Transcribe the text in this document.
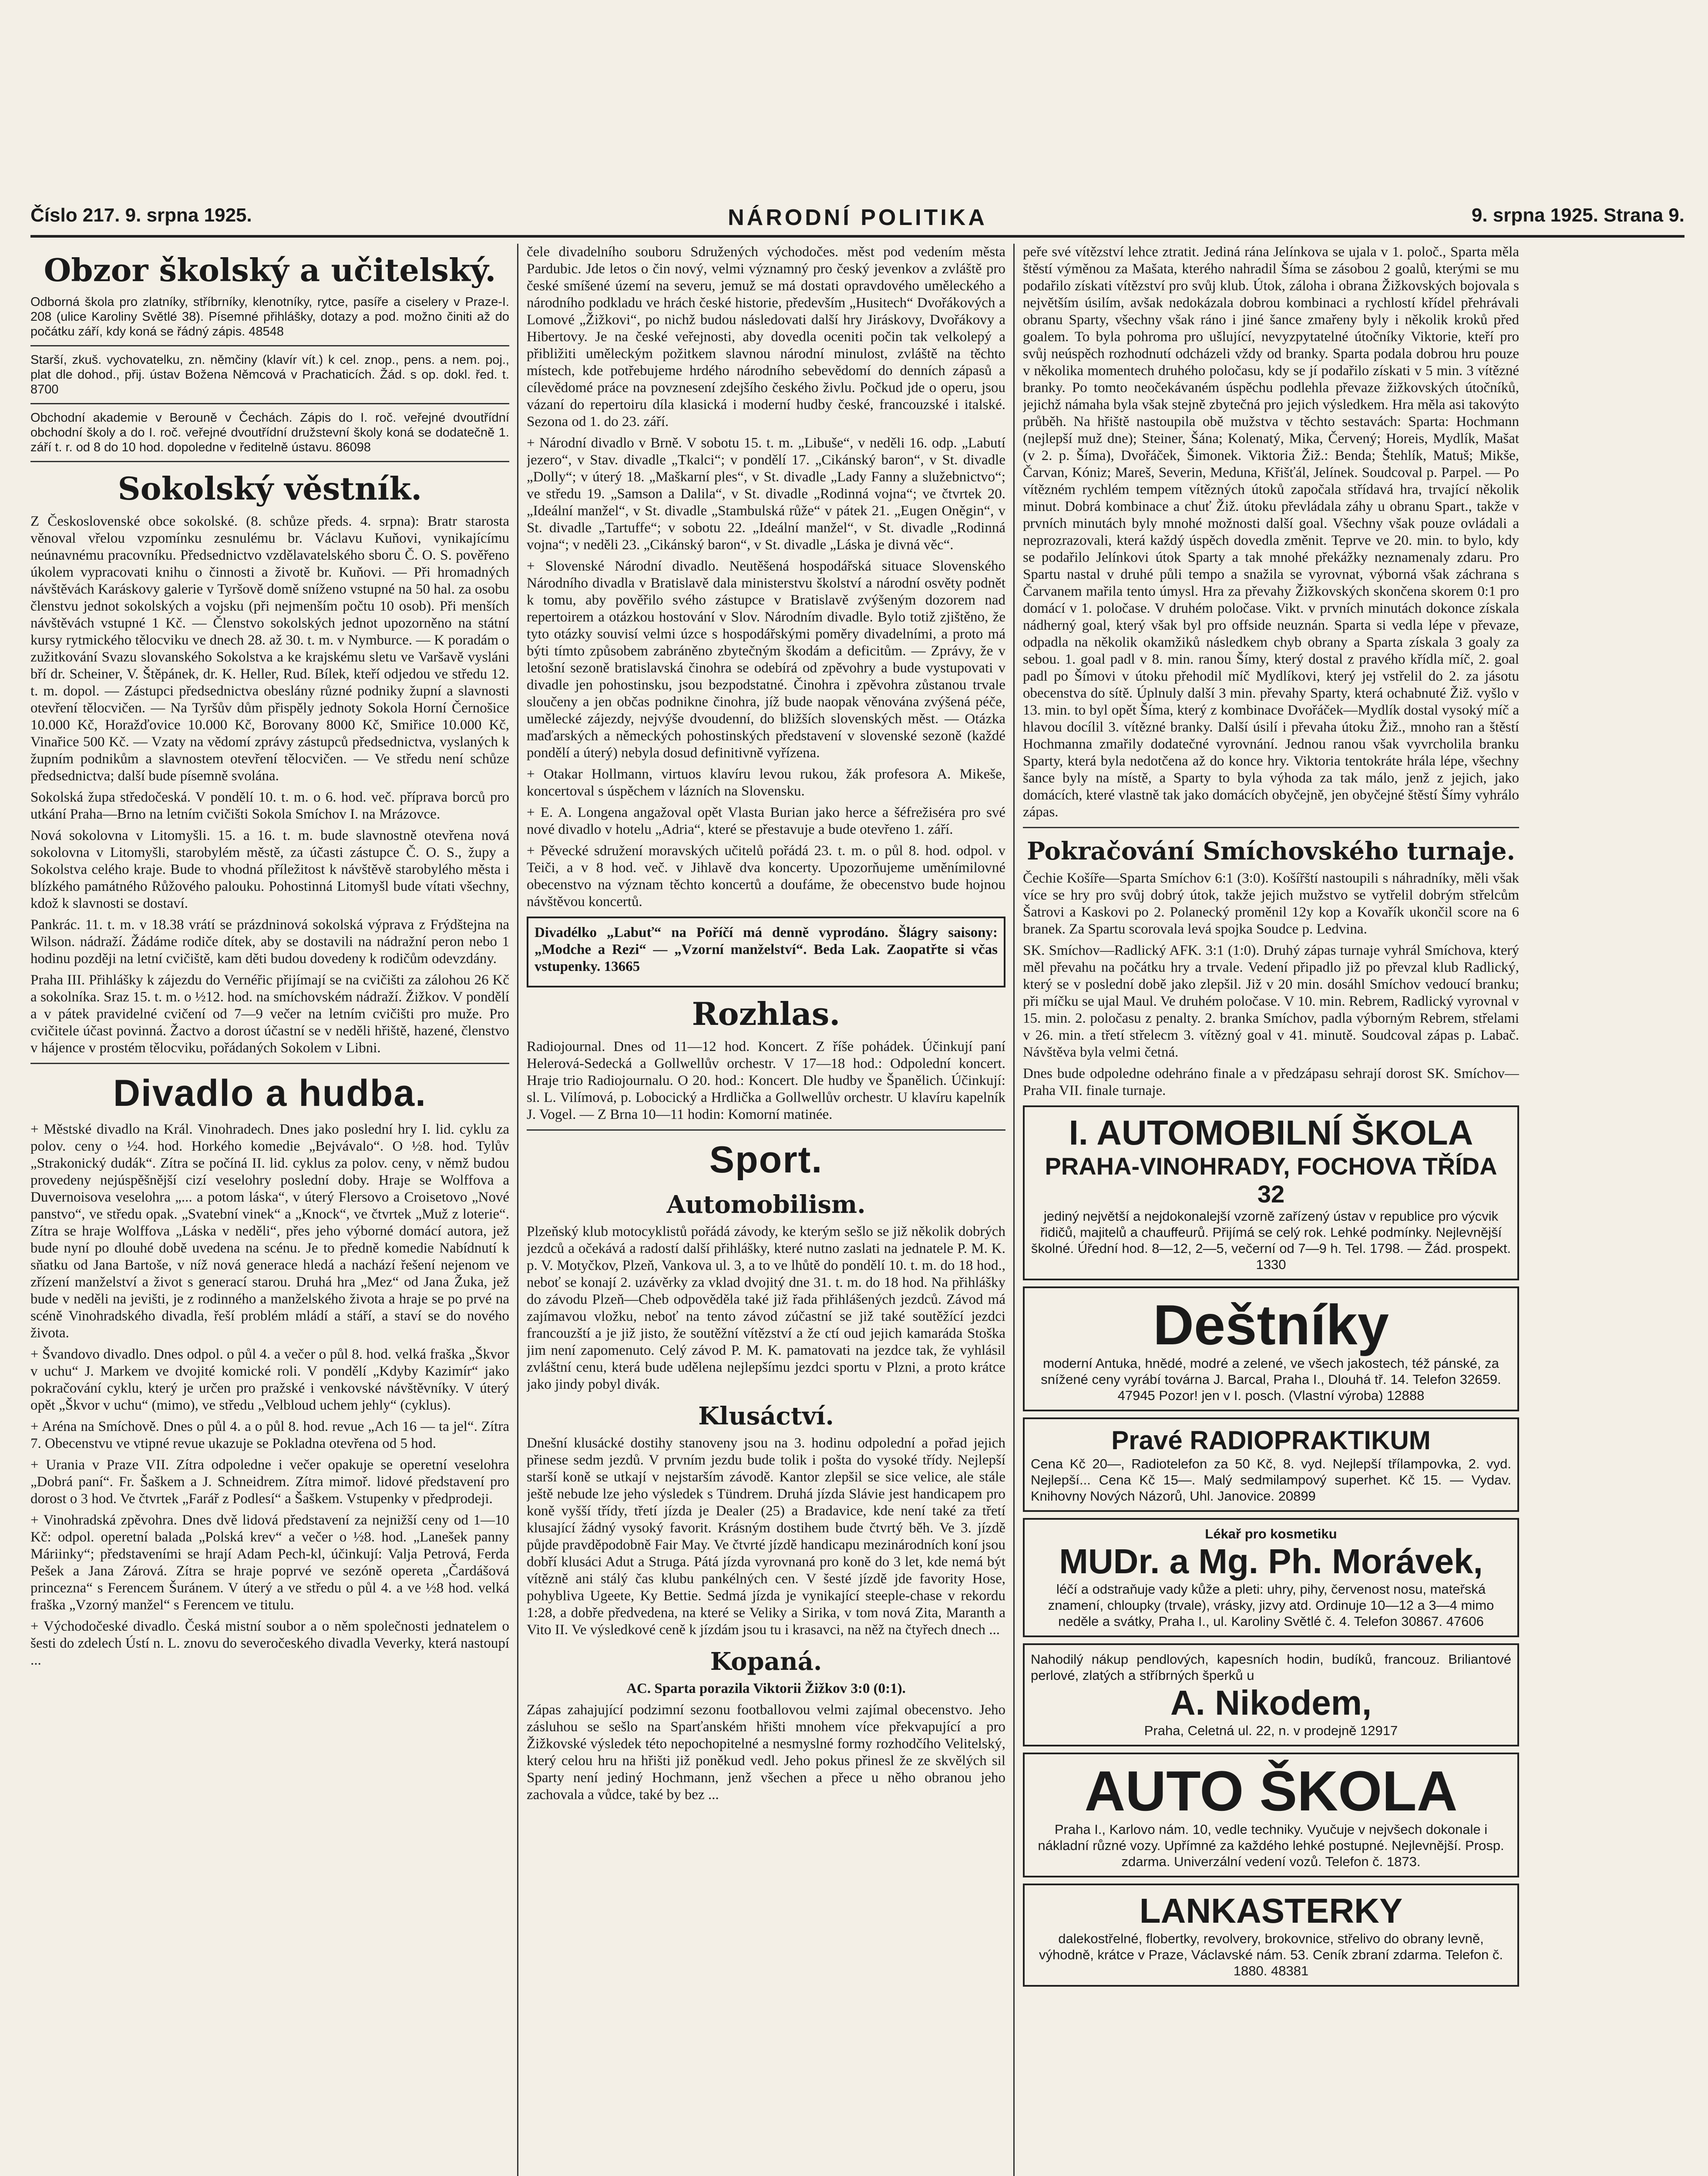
Číslo 217. 9. srpna 1925.	NÁRODNÍ POLITIKA	9. srpna 1925. Strana 9.
Obzor školský a učitelský.

Odborná škola pro zlatníky, stříbrníky, klenotníky, rytce, pasíře a ciselery v Praze-I. 208 (ulice Karoliny Světlé 38). Písemné přihlášky, dotazy a pod. možno činiti až do počátku září, kdy koná se řádný zápis. 48548

Starší, zkuš. vychovatelku, zn. němčiny (klavír vít.) k cel. znop., pens. a nem. poj., plat dle dohod., přij. ústav Božena Němcová v Prachaticích. Žád. s op. dokl. řed. t. 8700

Obchodní akademie v Berouně v Čechách. Zápis do I. roč. veřejné dvoutřídní obchodní školy a do I. roč. veřejné dvoutřídní družstevní školy koná se dodatečně 1. září t. r. od 8 do 10 hod. dopoledne v ředitelně ústavu. 86098

Sokolský věstník.

Z Československé obce sokolské. (8. schůze předs. 4. srpna): Bratr starosta věnoval vřelou vzpomínku zesnulému br. Václavu Kuňovi, vynikajícímu neúnavnému pracovníku. Předsednictvo vzdělavatelského sboru Č. O. S. pověřeno úkolem vypracovati knihu o činnosti a životě br. Kuňovi. — Při hromadných návštěvách Karáskovy galerie v Tyršově domě sníženo vstupné na 50 hal. za osobu členstvu jednot sokolských a vojsku (při nejmenším počtu 10 osob). Při menších návštěvách vstupné 1 Kč. — Členstvo sokolských jednot upozorněno na státní kursy rytmického tělocviku ve dnech 28. až 30. t. m. v Nymburce. — K poradám o zužitkování Svazu slovanského Sokolstva a ke krajskému sletu ve Varšavě vysláni bří dr. Scheiner, V. Štěpánek, dr. K. Heller, Rud. Bílek, kteří odjedou ve středu 12. t. m. dopol. — Zástupci předsednictva obeslány různé podniky župní a slavnosti otevření tělocvičen. — Na Tyršův dům přispěly jednoty Sokola Horní Černošice 10.000 Kč, Horažďovice 10.000 Kč, Borovany 8000 Kč, Smiřice 10.000 Kč, Vinařice 500 Kč. — Vzaty na vědomí zprávy zástupců předsednictva, vyslaných k župním podnikům a slavnostem otevření tělocvičen. — Ve středu není schůze předsednictva; další bude písemně svolána.

Sokolská župa středočeská. V pondělí 10. t. m. o 6. hod. več. příprava borců pro utkání Praha—Brno na letním cvičišti Sokola Smíchov I. na Mrázovce.

Nová sokolovna v Litomyšli. 15. a 16. t. m. bude slavnostně otevřena nová sokolovna v Litomyšli, starobylém městě, za účasti zástupce Č. O. S., župy a Sokolstva celého kraje. Bude to vhodná příležitost k návštěvě starobylého města i blízkého památného Růžového palouku. Pohostinná Litomyšl bude vítati všechny, kdož k slavnosti se dostaví.

Pankrác. 11. t. m. v 18.38 vrátí se prázdninová sokolská výprava z Frýdštejna na Wilson. nádraží. Žádáme rodiče dítek, aby se dostavili na nádražní peron nebo 1 hodinu později na letní cvičiště, kam děti budou dovedeny k rodičům odevzdány.

Praha III. Přihlášky k zájezdu do Vernéřic přijímají se na cvičišti za zálohou 26 Kč a sokolníka. Sraz 15. t. m. o ½12. hod. na smíchovském nádraží. Žižkov. V pondělí a v pátek pravidelné cvičení od 7—9 večer na letním cvičišti pro muže. Pro cvičitele účast povinná. Žactvo a dorost účastní se v neděli hřiště, hazené, členstvo v hájence v prostém tělocviku, pořádaných Sokolem v Libni.

Divadlo a hudba.

+ Městské divadlo na Král. Vinohradech. Dnes jako poslední hry I. lid. cyklu za polov. ceny o ½4. hod. Horkého komedie „Bejvávalo“. O ½8. hod. Tylův „Strakonický dudák“. Zítra se počíná II. lid. cyklus za polov. ceny, v němž budou provedeny nejúspěšnější cizí veselohry poslední doby. Hraje se Wolffova a Duvernoisova veselohra „... a potom láska“, v úterý Flersovo a Croisetovo „Nové panstvo“, ve středu opak. „Svatební vinek“ a „Knock“, ve čtvrtek „Muž z loterie“. Zítra se hraje Wolffova „Láska v neděli“, přes jeho výborné domácí autora, jež bude nyní po dlouhé době uvedena na scénu. Je to předně komedie Nabídnutí k sňatku od Jana Bartoše, v níž nová generace hledá a nachází řešení nejenom ve zřízení manželství a život s generací starou. Druhá hra „Mez“ od Jana Žuka, jež bude v neděli na jevišti, je z rodinného a manželského života a hraje se po prvé na scéně Vinohradského divadla, řeší problém mládí a stáří, a staví se do nového života.

+ Švandovo divadlo. Dnes odpol. o půl 4. a večer o půl 8. hod. velká fraška „Škvor v uchu“ J. Markem ve dvojité komické roli. V pondělí „Kdyby Kazimír“ jako pokračování cyklu, který je určen pro pražské i venkovské návštěvníky. V úterý opět „Škvor v uchu“ (mimo), ve středu „Velbloud uchem jehly“ (cyklus).

+ Aréna na Smíchově. Dnes o půl 4. a o půl 8. hod. revue „Ach 16 — ta jel“. Zítra 7. Obecenstvu ve vtipné revue ukazuje se Pokladna otevřena od 5 hod.

+ Urania v Praze VII. Zítra odpoledne i večer opakuje se operetní veselohra „Dobrá paní“. Fr. Šaškem a J. Schneidrem. Zítra mimoř. lidové představení pro dorost o 3 hod. Ve čtvrtek „Farář z Podlesí“ a Šaškem. Vstupenky v předprodeji.

+ Vinohradská zpěvohra. Dnes dvě lidová představení za nejnižší ceny od 1—10 Kč: odpol. operetní balada „Polská krev“ a večer o ½8. hod. „Lanešek panny Máriinky“; představeními se hrají Adam Pech-kl, účinkují: Valja Petrová, Ferda Pešek a Jana Zárová. Zítra se hraje poprvé ve sezóně opereta „Čardášová princezna“ s Ferencem Šuránem. V úterý a ve středu o půl 4. a ve ½8 hod. velká fraška „Vzorný manžel“ s Ferencem ve titulu.

+ Východočeské divadlo. Česká mistní soubor a o něm společnosti jednatelem o šesti do zdelech Ústí n. L. znovu do severočeského divadla Veverky, která nastoupí ...

čele divadelního souboru Sdružených východočes. měst pod vedením města Pardubic. Jde letos o čin nový, velmi významný pro český jevenkov a zvláště pro české smíšené území na severu, jemuž se má dostati opravdového uměleckého a národního podkladu ve hrách české historie, především „Husitech“ Dvořákových a Lomové „Žižkovi“, po nichž budou následovati další hry Jiráskovy, Dvořákovy a Hibertovy. Je na české veřejnosti, aby dovedla oceniti počin tak velkolepý a přibližiti uměleckým požitkem slavnou národní minulost, zvláště na těchto místech, kde potřebujeme hrdého národního sebevědomí do denních zápasů a cílevědomé práce na povznesení zdejšího českého živlu. Počkud jde o operu, jsou vázaní do repertoiru díla klasická i moderní hudby české, francouzské i italské. Sezona od 1. do 23. září.

+ Národní divadlo v Brně. V sobotu 15. t. m. „Libuše“, v neděli 16. odp. „Labutí jezero“, v Stav. divadle „Tkalci“; v pondělí 17. „Cikánský baron“, v St. divadle „Dolly“; v úterý 18. „Maškarní ples“, v St. divadle „Lady Fanny a služebnictvo“; ve středu 19. „Samson a Dalila“, v St. divadle „Rodinná vojna“; ve čtvrtek 20. „Ideální manžel“, v St. divadle „Stambulská růže“ v pátek 21. „Eugen Oněgin“, v St. divadle „Tartuffe“; v sobotu 22. „Ideální manžel“, v St. divadle „Rodinná vojna“; v neděli 23. „Cikánský baron“, v St. divadle „Láska je divná věc“.

+ Slovenské Národní divadlo. Neutěšená hospodářská situace Slovenského Národního divadla v Bratislavě dala ministerstvu školství a národní osvěty podnět k tomu, aby pověřilo svého zástupce v Bratislavě zvýšeným dozorem nad repertoirem a otázkou hostování v Slov. Národním divadle. Bylo totiž zjištěno, že tyto otázky souvisí velmi úzce s hospodářskými poměry divadelními, a proto má býti tímto způsobem zabráněno zbytečným škodám a deficitům. — Zprávy, že v letošní sezoně bratislavská činohra se odebírá od zpěvohry a bude vystupovati v divadle jen pohostinsku, jsou bezpodstatné. Činohra i zpěvohra zůstanou trvale sloučeny a jen občas podnikne činohra, jíž bude naopak věnována zvýšená péče, umělecké zájezdy, nejvýše dvoudenní, do bližších slovenských měst. — Otázka maďarských a německých pohostinských představení v slovenské sezoně (každé pondělí a úterý) nebyla dosud definitivně vyřízena.

+ Otakar Hollmann, virtuos klavíru levou rukou, žák profesora A. Mikeše, koncertoval s úspěchem v lázních na Slovensku.

+ E. A. Longena angažoval opět Vlasta Burian jako herce a šéfrežiséra pro své nové divadlo v hotelu „Adria“, které se přestavuje a bude otevřeno 1. září.

+ Pěvecké sdružení moravských učitelů pořádá 23. t. m. o půl 8. hod. odpol. v Teiči, a v 8 hod. več. v Jihlavě dva koncerty. Upozorňujeme uměnímilovné obecenstvo na význam těchto koncertů a doufáme, že obecenstvo bude hojnou návštěvou koncertů.

Divadélko „Labuť“ na Poříčí má denně vyprodáno. Šlágry saisony: „Modche a Rezi“ — „Vzorní manželství“. Beda Lak. Zaopatřte si včas vstupenky. 13665

Rozhlas.

Radiojournal. Dnes od 11—12 hod. Koncert. Z říše pohádek. Účinkují paní Helerová-Sedecká a Gollwellův orchestr. V 17—18 hod.: Odpolední koncert. Hraje trio Radiojournalu. O 20. hod.: Koncert. Dle hudby ve Španělich. Účinkují: sl. L. Vilímová, p. Lobocický a Hrdlička a Gollwellův orchestr. U klavíru kapelník J. Vogel. — Z Brna 10—11 hodin: Komorní matinée.

Sport.
Automobilism.

Plzeňský klub motocyklistů pořádá závody, ke kterým sešlo se již několik dobrých jezdců a očekává a radostí další přihlášky, které nutno zaslati na jednatele P. M. K. p. V. Motyčkov, Plzeň, Vankova ul. 3, a to ve lhůtě do pondělí 10. t. m. do 18 hod., neboť se konají 2. uzávěrky za vklad dvojitý dne 31. t. m. do 18 hod. Na přihlášky do závodu Plzeň—Cheb odpověděla také již řada přihlášených jezdců. Závod má zajímavou vložku, neboť na tento závod zúčastní se již také soutěžící jezdci francouzští a je již jisto, že soutěžní vítězství a že ctí oud jejich kamaráda Stoška jim není zapomenuto. Celý závod P. M. K. pamatovati na jezdce tak, že vyhlásil zvláštní cenu, která bude udělena nejlepšímu jezdci sportu v Plzni, a proto krátce jako jindy pobyl divák.

Klusáctví.

Dnešní klusácké dostihy stanoveny jsou na 3. hodinu odpolední a pořad jejich přinese sedm jezdů. V prvním jezdu bude tolik i pošta do vysoké třídy. Nejlepší starší koně se utkají v nejstarším závodě. Kantor zlepšil se sice velice, ale stále ještě nebude lze jeho výsledek s Tündrem. Druhá jízda Slávie jest handicapem pro koně vyšší třídy, třetí jízda je Dealer (25) a Bradavice, kde není také za třetí klusající žádný vysoký favorit. Krásným dostihem bude čtvrtý běh. Ve 3. jízdě půjde pravděpodobně Fair May. Ve čtvrté jízdě handicapu mezinárodních koní jsou dobří klusáci Adut a Struga. Pátá jízda vyrovnaná pro koně do 3 let, kde nemá být vítězně ani stálý čas klubu pankélných cen. V šesté jízdě jde favority Hose, pohybliva Ugeete, Ky Bettie. Sedmá jízda je vynikající steeple-chase v rekordu 1:28, a dobře předvedena, na které se Veliky a Sirika, v tom nová Zita, Maranth a Vito II. Ve výsledkové ceně k jízdám jsou tu i krasavci, na něž na čtyřech dnech ...

Kopaná.

AC. Sparta porazila Viktorii Žižkov 3:0 (0:1).

Zápas zahajující podzimní sezonu footballovou velmi zajímal obecenstvo. Jeho zásluhou se sešlo na Sparťanském hřišti mnohem více překvapující a pro Žižkovské výsledek této nepochopitelné a nesmyslné formy rozhodčího Velitelský, který celou hru na hřišti již poněkud vedl. Jeho pokus přinesl že ze skvělých sil Sparty není jediný Hochmann, jenž všechen a přece u něho obranou jeho zachovala a vůdce, také by bez ...

peře své vítězství lehce ztratit. Jediná rána Jelínkova se ujala v 1. poloč., Sparta měla štěstí výměnou za Mašata, kterého nahradil Šíma se zásobou 2 goalů, kterými se mu podařilo získati vítězství pro svůj klub. Útok, záloha i obrana Žižkovských bojovala s největším úsilím, avšak nedokázala dobrou kombinaci a rychlostí křídel přehrávali obranu Sparty, všechny však ráno i jiné šance zmařeny byly i několik kroků před goalem. To byla pohroma pro ušlující, nevyzpytatelné útočníky Viktorie, kteří pro svůj neúspěch rozhodnutí odcházeli vždy od branky. Sparta podala dobrou hru pouze v několika momentech druhého poločasu, kdy se jí podařilo získati v 5 min. 3 vítězné branky. Po tomto neočekávaném úspěchu podlehla převaze žižkovských útočníků, jejichž námaha byla však stejně zbytečná pro jejich výsledkem. Hra měla asi takovýto průběh. Na hřiště nastoupila obě mužstva v těchto sestavách: Sparta: Hochmann (nejlepší muž dne); Steiner, Šána; Kolenatý, Mika, Červený; Horeis, Mydlík, Mašat (v 2. p. Šíma), Dvořáček, Šimonek. Viktoria Žiž.: Benda; Štehlík, Matuš; Mikše, Čarvan, Kóniz; Mareš, Severin, Meduna, Křišťál, Jelínek. Soudcoval p. Parpel. — Po vítězném rychlém tempem vítězných útoků započala střídavá hra, trvající několik minut. Dobrá kombinace a chuť Žiž. útoku převládala záhy u obranu Spart., takže v prvních minutách byly mnohé možnosti další goal. Všechny však pouze ovládali a neprozrazovali, která každý úspěch dovedla změnit. Teprve ve 20. min. to bylo, kdy se podařilo Jelínkovi útok Sparty a tak mnohé překážky neznamenaly zdaru. Pro Spartu nastal v druhé půli tempo a snažila se vyrovnat, výborná však záchrana s Čarvanem mařila tento úmysl. Hra za převahy Žižkovských skončena skorem 0:1 pro domácí v 1. poločase. V druhém poločase. Vikt. v prvních minutách dokonce získala nádherný goal, který však byl pro offside neuznán. Sparta si vedla lépe v převaze, odpadla na několik okamžiků následkem chyb obrany a Sparta získala 3 goaly za sebou. 1. goal padl v 8. min. ranou Šímy, který dostal z pravého křídla míč, 2. goal padl po Šímovi v útoku přehodil míč Mydlíkovi, který jej vstřelil do 2. za jásotu obecenstva do sítě. Úplnuly další 3 min. převahy Sparty, která ochabnuté Žiž. vyšlo v 13. min. to byl opět Šíma, který z kombinace Dvořáček—Mydlík dostal vysoký míč a hlavou docílil 3. vítězné branky. Další úsilí i převaha útoku Žiž., mnoho ran a štěstí Hochmanna zmařily dodatečné vyrovnání. Jednou ranou však vyvrcholila branku Sparty, která byla nedotčena až do konce hry. Viktoria tentokráte hrála lépe, všechny šance byly na místě, a Sparty to byla výhoda za tak málo, jenž z jejich, jako domácích, které vlastně tak jako domácích obyčejně, jen obyčejné štěstí Šímy vyhrálo zápas.

Pokračování Smíchovského turnaje.

Čechie Košíře—Sparta Smíchov 6:1 (3:0). Košířští nastoupili s náhradníky, měli však více se hry pro svůj dobrý útok, takže jejich mužstvo se vytřelil dobrým střelcům Šatrovi a Kaskovi po 2. Polanecký proměnil 12y kop a Kovařík ukončil score na 6 branek. Za Spartu scorovala levá spojka Soudce p. Ledvina.

SK. Smíchov—Radlický AFK. 3:1 (1:0). Druhý zápas turnaje vyhrál Smíchova, který měl převahu na počátku hry a trvale. Vedení připadlo již po převzal klub Radlický, který se v poslední době jako zlepšil. Již v 20 min. dosáhl Smíchov vedoucí branku; při míčku se ujal Maul. Ve druhém poločase. V 10. min. Rebrem, Radlický vyrovnal v 15. min. 2. poločasu z penalty. 2. branka Smíchov, padla výborným Rebrem, střelami v 26. min. a třetí střelecm 3. vítězný goal v 41. minutě. Soudcoval zápas p. Labač. Návštěva byla velmi četná.

Dnes bude odpoledne odehráno finale a v předzápasu sehrají dorost SK. Smíchov—Praha VII. finale turnaje.

I. AUTOMOBILNÍ ŠKOLA
PRAHA-VINOHRADY, FOCHOVA TŘÍDA 32
jediný největší a nejdokonalejší vzorně zařízený ústav v republice pro výcvik řidičů, majitelů a chauffeurů. Přijímá se celý rok. Lehké podmínky. Nejlevnější školné. Úřední hod. 8—12, 2—5, večerní od 7—9 h. Tel. 1798. — Žád. prospekt. 1330
Deštníky
moderní Antuka, hnědé, modré a zelené, ve všech jakostech, též pánské, za snížené ceny vyrábí továrna J. Barcal, Praha I., Dlouhá tř. 14. Telefon 32659. 47945 Pozor! jen v I. posch. (Vlastní výroba) 12888
Pravé RADIOPRAKTIKUM
Cena Kč 20—, Radiotelefon za 50 Kč, 8. vyd. Nejlepší třílampovka, 2. vyd. Nejlepší... Cena Kč 15—. Malý sedmilampový superhet. Kč 15. — Vydav. Knihovny Nových Názorů, Uhl. Janovice. 20899
Lékař pro kosmetiku
MUDr. a Mg. Ph. Morávek,
léčí a odstraňuje vady kůže a pleti: uhry, pihy, červenost nosu, mateřská znamení, chloupky (trvale), vrásky, jizvy atd. Ordinuje 10—12 a 3—4 mimo neděle a svátky, Praha I., ul. Karoliny Světlé č. 4. Telefon 30867. 47606
Nahodilý nákup pendlových, kapesních hodin, budíků, francouz. Briliantové perlové, zlatých a stříbrných šperků u
A. Nikodem,
Praha, Celetná ul. 22, n. v prodejně 12917
AUTO ŠKOLA
Praha I., Karlovo nám. 10, vedle techniky. Vyučuje v nejvšech dokonale i nákladní různé vozy. Upřímné za každého lehké postupné. Nejlevnější. Prosp. zdarma. Univerzální vedení vozů. Telefon č. 1873.
LANKASTERKY
dalekostřelné, flobertky, revolvery, brokovnice, střelivo do obrany levně, výhodně, krátce v Praze, Václavské nám. 53. Ceník zbraní zdarma. Telefon č. 1880. 48381
